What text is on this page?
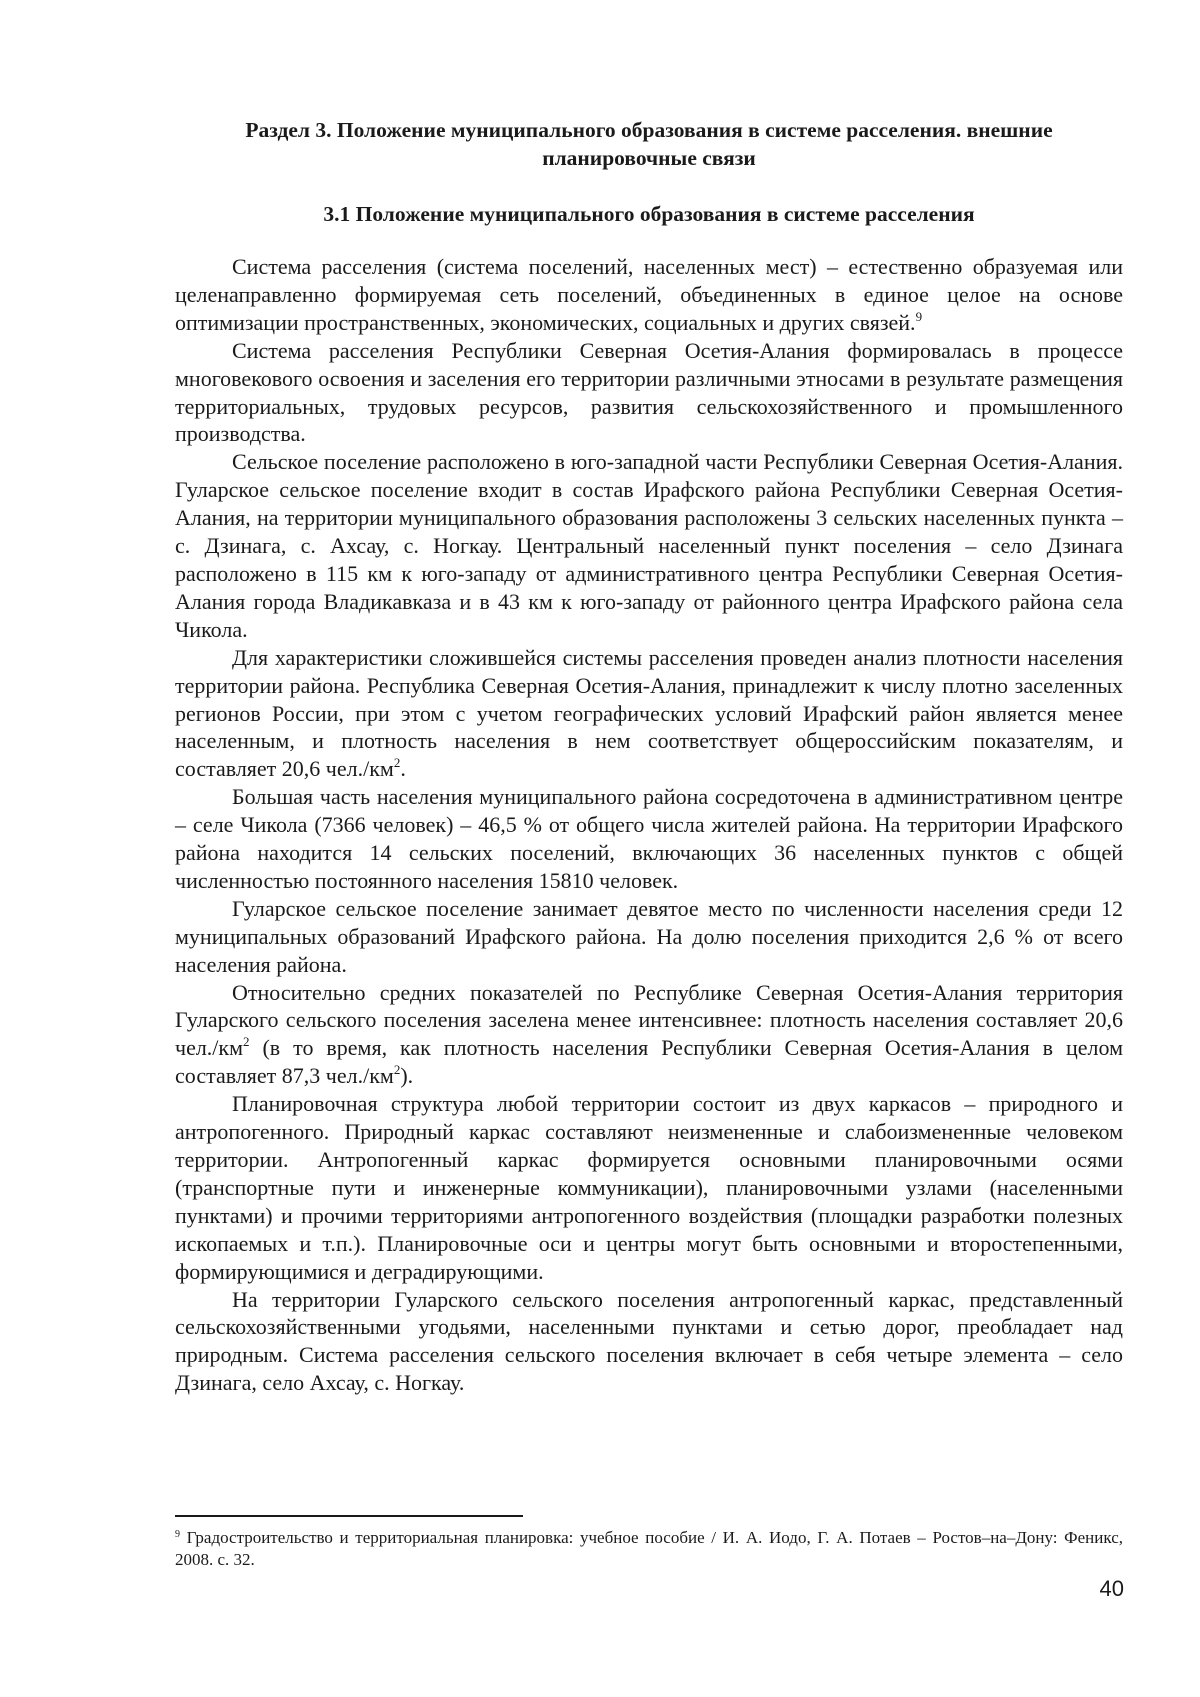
Раздел 3. Положение муниципального образования в системе расселения. внешние планировочные связи
3.1 Положение муниципального образования в системе расселения

Система расселения (система поселений, населенных мест) – естественно образуемая или целенаправленно формируемая сеть поселений, объединенных в единое целое на основе оптимизации пространственных, экономических, социальных и других связей.$^9$

Система расселения Республики Северная Осетия-Алания формировалась в процессе многовекового освоения и заселения его территории различными этносами в результате размещения территориальных, трудовых ресурсов, развития сельскохозяйственного и промышленного производства.

Сельское поселение расположено в юго-западной части Республики Северная Осетия-Алания. Гуларское сельское поселение входит в состав Ирафского района Республики Северная Осетия-Алания, на территории муниципального образования расположены 3 сельских населенных пункта – с. Дзинага, с. Ахсау, с. Ногкау. Центральный населенный пункт поселения – село Дзинага расположено в 115 км к юго-западу от административного центра Республики Северная Осетия-Алания города Владикавказа и в 43 км к юго-западу от районного центра Ирафского района села Чикола.

Для характеристики сложившейся системы расселения проведен анализ плотности населения территории района. Республика Северная Осетия-Алания, принадлежит к числу плотно заселенных регионов России, при этом с учетом географических условий Ирафский район является менее населенным, и плотность населения в нем соответствует общероссийским показателям, и составляет 20,6 $чел./км^2$.

Большая часть населения муниципального района сосредоточена в административном центре – селе Чикола (7366 человек) – 46,5 % от общего числа жителей района. На территории Ирафского района находится 14 сельских поселений, включающих 36 населенных пунктов с общей численностью постоянного населения 15810 человек.

Гуларское сельское поселение занимает девятое место по численности населения среди 12 муниципальных образований Ирафского района. На долю поселения приходится 2,6 % от всего населения района.

Относительно средних показателей по Республике Северная Осетия-Алания территория Гуларского сельского поселения заселена менее интенсивнее: плотность населения составляет 20,6 $чел./км^2$ (в то время, как плотность населения Республики Северная Осетия-Алания в целом составляет 87,3 $чел./км^2$).

Планировочная структура любой территории состоит из двух каркасов – природного и антропогенного. Природный каркас составляют неизмененные и слабоизмененные человеком территории. Антропогенный каркас формируется основными планировочными осями (транспортные пути и инженерные коммуникации), планировочными узлами (населенными пунктами) и прочими территориями антропогенного воздействия (площадки разработки полезных ископаемых и т.п.). Планировочные оси и центры могут быть основными и второстепенными, формирующимися и деградирующими.

На территории Гуларского сельского поселения антропогенный каркас, представленный сельскохозяйственными угодьями, населенными пунктами и сетью дорог, преобладает над природным. Система расселения сельского поселения включает в себя четыре элемента – село Дзинага, село Ахсау, с. Ногкау.

$^9$ Градостроительство и территориальная планировка: учебное пособие / И. А. Иодо, Г. А. Потаев – Ростов–на–Дону: Феникс, 2008. с. 32.
40
